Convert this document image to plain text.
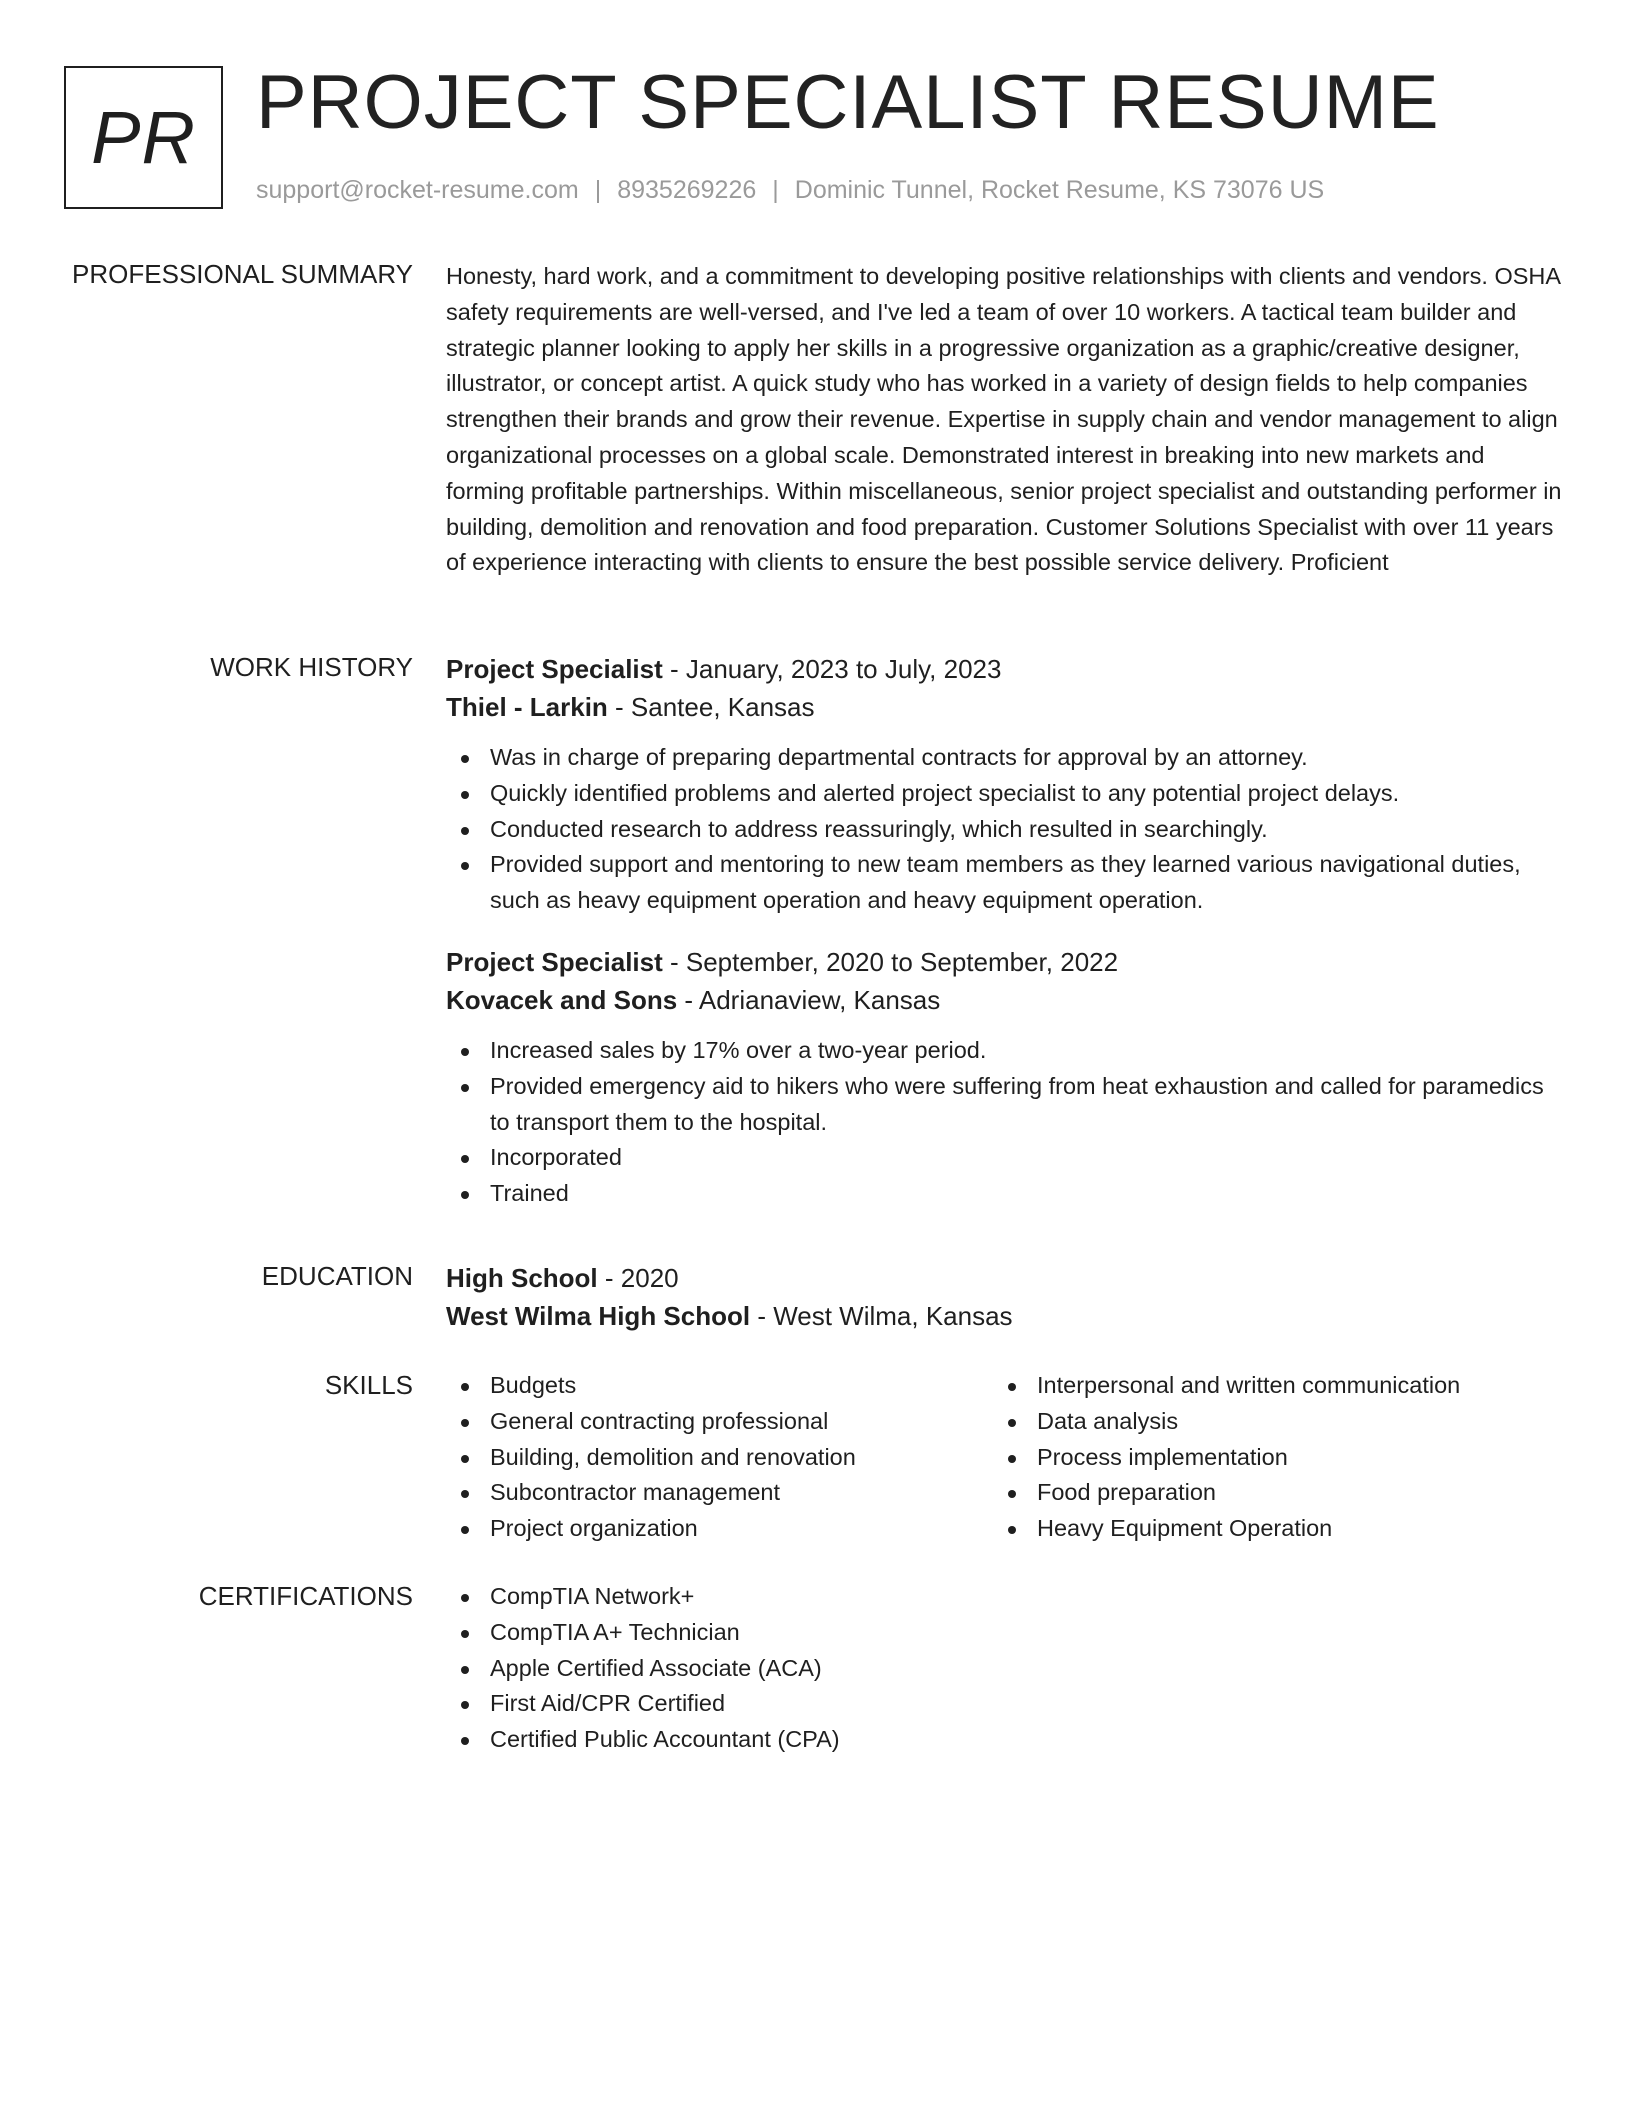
PR PROJECT SPECIALIST RESUME
support@rocket-resume.com | 8935269226 | Dominic Tunnel, Rocket Resume, KS 73076 US
PROFESSIONAL SUMMARY Honesty, hard work, and a commitment to developing positive relationships with clients and vendors. OSHA safety requirements are well-versed, and I've led a team of over 10 workers. A tactical team builder and strategic planner looking to apply her skills in a progressive organization as a graphic/creative designer, illustrator, or concept artist. A quick study who has worked in a variety of design fields to help companies strengthen their brands and grow their revenue. Expertise in supply chain and vendor management to align organizational processes on a global scale. Demonstrated interest in breaking into new markets and forming profitable partnerships. Within miscellaneous, senior project specialist and outstanding performer in building, demolition and renovation and food preparation. Customer Solutions Specialist with over 11 years of experience interacting with clients to ensure the best possible service delivery. Proficient
WORK HISTORY Project Specialist - January, 2023 to July, 2023
Thiel - Larkin - Santee, Kansas
Was in charge of preparing departmental contracts for approval by an attorney.
Quickly identified problems and alerted project specialist to any potential project delays.
Conducted research to address reassuringly, which resulted in searchingly.
Provided support and mentoring to new team members as they learned various navigational duties, such as heavy equipment operation and heavy equipment operation.
Project Specialist - September, 2020 to September, 2022
Kovacek and Sons - Adrianaview, Kansas
Increased sales by 17% over a two-year period.
Provided emergency aid to hikers who were suffering from heat exhaustion and called for paramedics to transport them to the hospital.
Incorporated
Trained
EDUCATION High School - 2020
West Wilma High School - West Wilma, Kansas
SKILLS	Budgets
General contracting professional
Building, demolition and renovation
Subcontractor management
Project organization
Interpersonal and written communication
Data analysis
Process implementation
Food preparation
Heavy Equipment Operation
CERTIFICATIONS	CompTIA Network+
CompTIA A+ Technician
Apple Certified Associate (ACA)
First Aid/CPR Certified
Certified Public Accountant (CPA)
